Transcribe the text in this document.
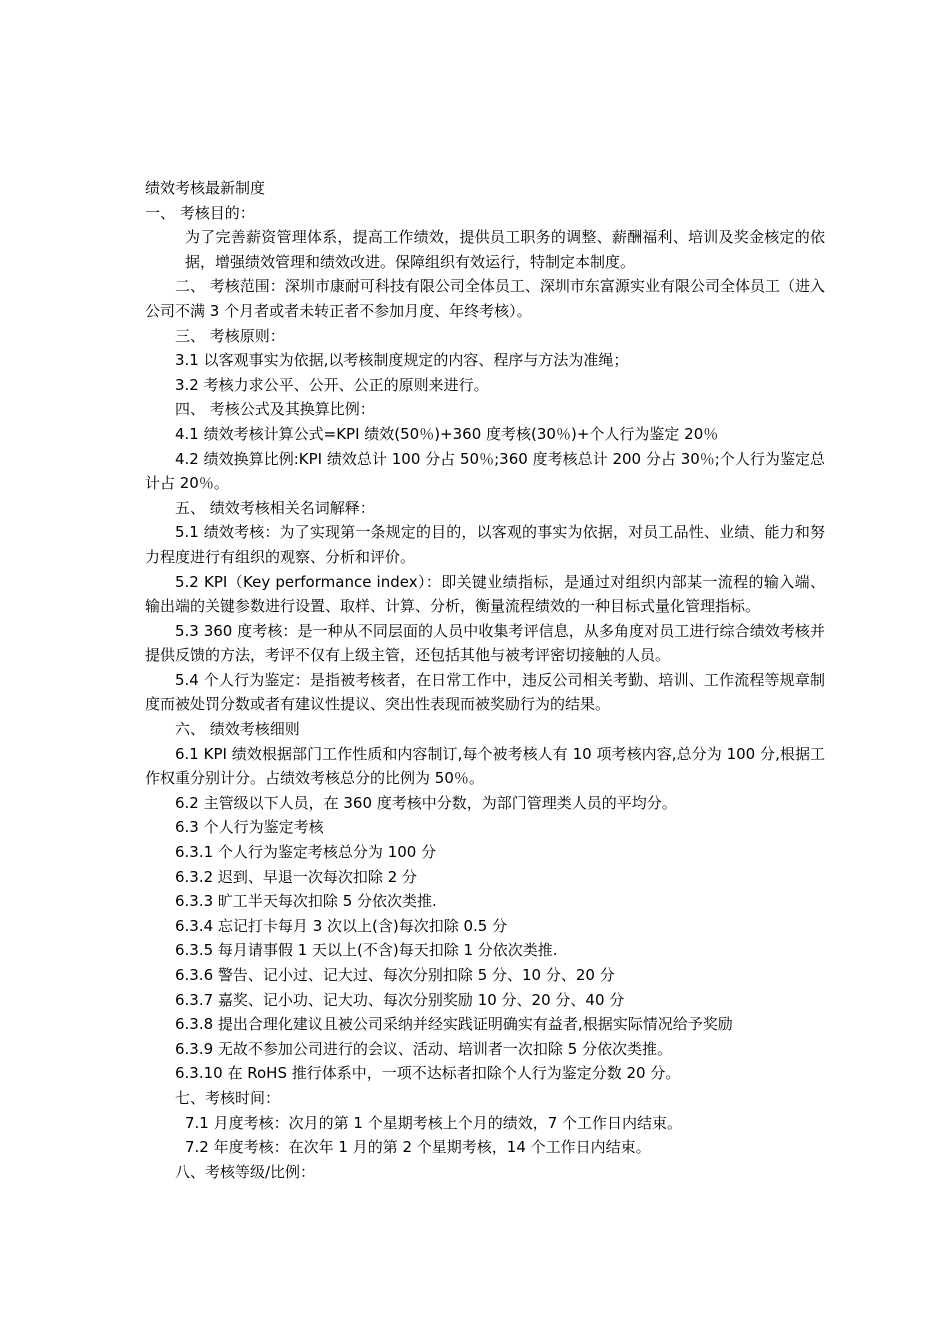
绩效考核最新制度
一、 考核目的：
为了完善薪资管理体系，提高工作绩效，提供员工职务的调整、薪酬福利、培训及奖金核定的依据，增强绩效管理和绩效改进。保障组织有效运行，特制定本制度。
二、 考核范围：深圳市康耐可科技有限公司全体员工、深圳市东富源实业有限公司全体员工（进入公司不满 3 个月者或者未转正者不参加月度、年终考核）。
三、 考核原则：
3.1 以客观事实为依据,以考核制度规定的内容、程序与方法为准绳；
3.2 考核力求公平、公开、公正的原则来进行。
四、 考核公式及其换算比例：
4.1 绩效考核计算公式=KPI 绩效(50％)+360 度考核(30％)+个人行为鉴定 20％
4.2 绩效换算比例:KPI 绩效总计 100 分占 50％;360 度考核总计 200 分占 30％;个人行为鉴定总计占 20％。
五、 绩效考核相关名词解释：
5.1 绩效考核：为了实现第一条规定的目的，以客观的事实为依据，对员工品性、业绩、能力和努力程度进行有组织的观察、分析和评价。
5.2 KPI（Key performance index）：即关键业绩指标，是通过对组织内部某一流程的输入端、输出端的关键参数进行设置、取样、计算、分析，衡量流程绩效的一种目标式量化管理指标。
5.3 360 度考核：是一种从不同层面的人员中收集考评信息，从多角度对员工进行综合绩效考核并提供反馈的方法，考评不仅有上级主管，还包括其他与被考评密切接触的人员。
5.4 个人行为鉴定：是指被考核者，在日常工作中，违反公司相关考勤、培训、工作流程等规章制度而被处罚分数或者有建议性提议、突出性表现而被奖励行为的结果。
六、 绩效考核细则
6.1 KPI 绩效根据部门工作性质和内容制订,每个被考核人有 10 项考核内容,总分为 100 分,根据工作权重分别计分。占绩效考核总分的比例为 50％。
6.2 主管级以下人员，在 360 度考核中分数，为部门管理类人员的平均分。
6.3 个人行为鉴定考核
6.3.1 个人行为鉴定考核总分为 100 分
6.3.2 迟到、早退一次每次扣除 2 分
6.3.3 旷工半天每次扣除 5 分依次类推.
6.3.4 忘记打卡每月 3 次以上(含)每次扣除 0.5 分
6.3.5 每月请事假 1 天以上(不含)每天扣除 1 分依次类推.
6.3.6 警告、记小过、记大过、每次分别扣除 5 分、10 分、20 分
6.3.7 嘉奖、记小功、记大功、每次分别奖励 10 分、20 分、40 分
6.3.8 提出合理化建议且被公司采纳并经实践证明确实有益者,根据实际情况给予奖励
6.3.9 无故不参加公司进行的会议、活动、培训者一次扣除 5 分依次类推。
6.3.10 在 RoHS 推行体系中，一项不达标者扣除个人行为鉴定分数 20 分。
七、考核时间：
7.1 月度考核：次月的第 1 个星期考核上个月的绩效，7 个工作日内结束。
7.2 年度考核：在次年 1 月的第 2 个星期考核，14 个工作日内结束。
八、考核等级/比例：
